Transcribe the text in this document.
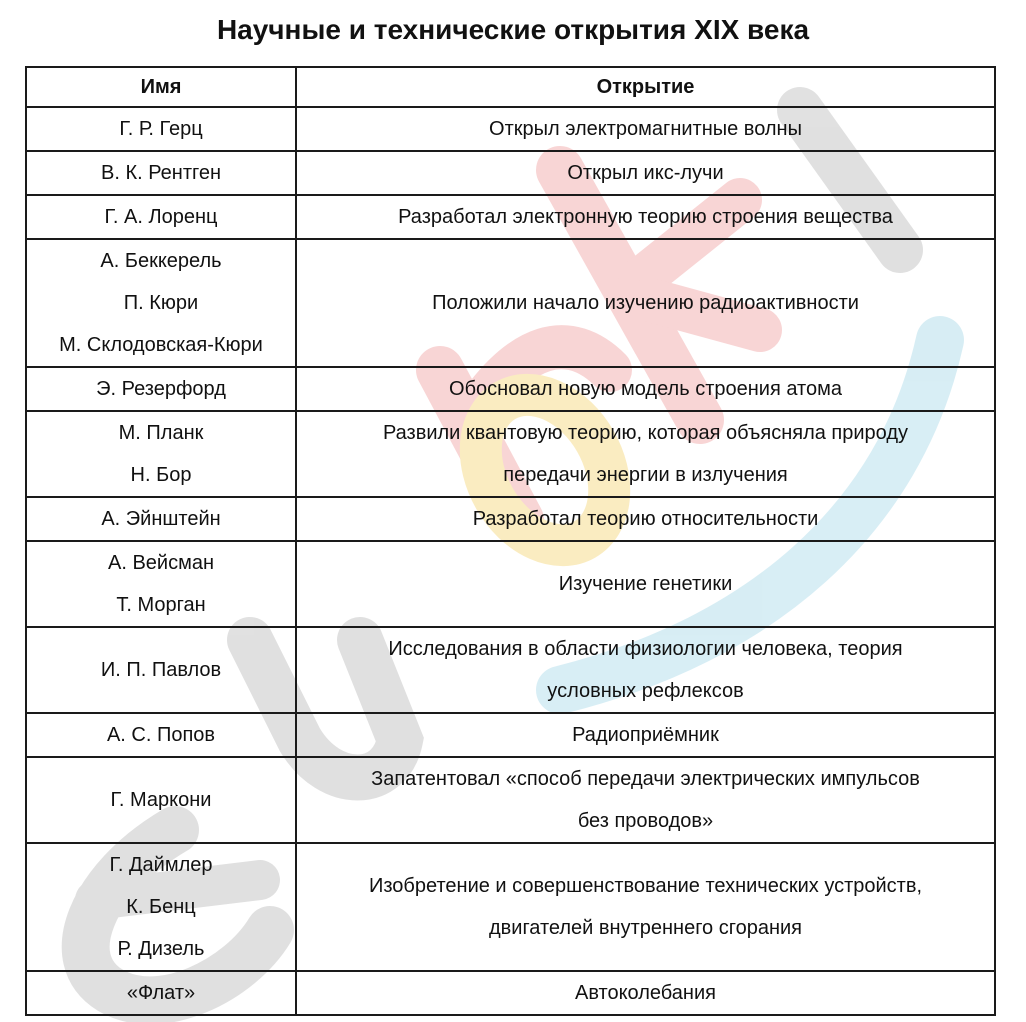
Научные и технические открытия XIX века
Имя	Открытие

Г. Р. Герц	Открыл электромагнитные волны

В. К. Рентген	Открыл икс-лучи

Г. А. Лоренц	Разработал электронную теорию строения вещества

А. Беккерель
П. Кюри
М. Склодовская-Кюри	Положили начало изучению радиоактивности

Э. Резерфорд	Обосновал новую модель строения атома

М. Планк
Н. Бор	Развили квантовую теорию, которая объясняла природу
передачи энергии в излучения

А. Эйнштейн	Разработал теорию относительности

А. Вейсман
Т. Морган	Изучение генетики

И. П. Павлов	Исследования в области физиологии человека, теория
условных рефлексов

А. С. Попов	Радиоприёмник

Г. Маркони	Запатентовал «способ передачи электрических импульсов
без проводов»

Г. Даймлер
К. Бенц
Р. Дизель	Изобретение и совершенствование технических устройств,
двигателей внутреннего сгорания

«Флат»	Автоколебания
